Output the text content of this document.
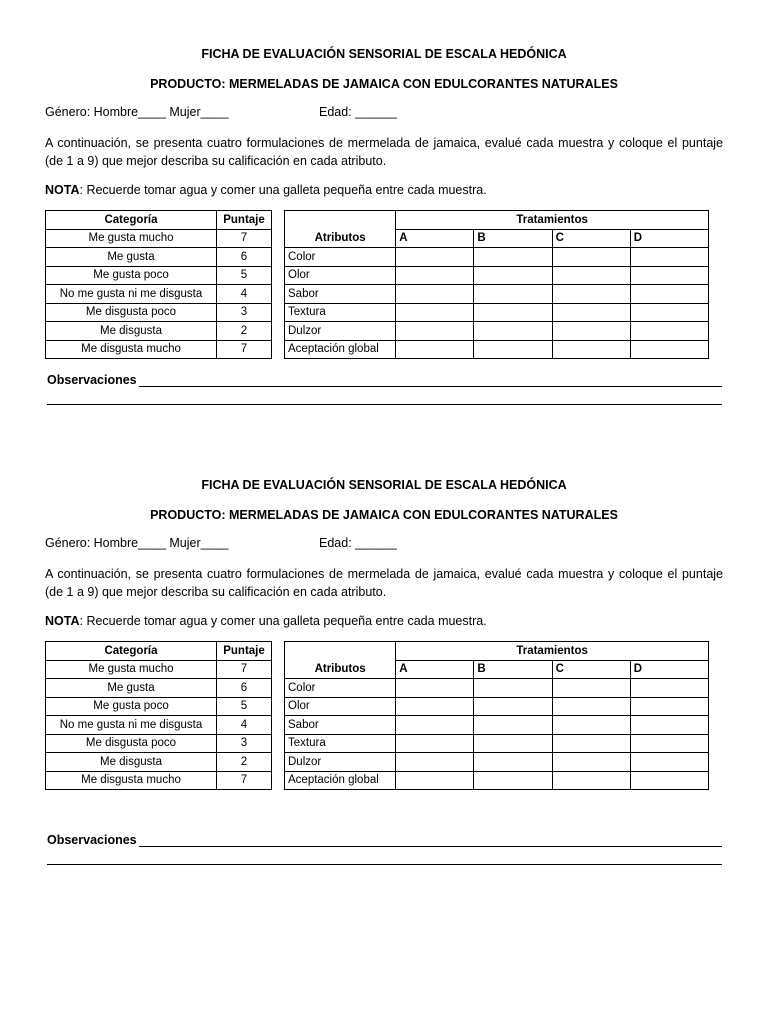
FICHA DE EVALUACIÓN SENSORIAL DE ESCALA HEDÓNICA
PRODUCTO: MERMELADAS DE JAMAICA CON EDULCORANTES NATURALES
Género: Hombre____ Mujer____	Edad: ______
A continuación, se presenta cuatro formulaciones de mermelada de jamaica, evalué cada muestra y coloque el puntaje (de 1 a 9) que mejor describa su calificación en cada atributo.
NOTA: Recuerde tomar agua y comer una galleta pequeña entre cada muestra.
Categoría	Puntaje
Me gusta mucho	7
Me gusta	6
Me gusta poco	5
No me gusta ni me disgusta	4
Me disgusta poco	3
Me disgusta	2
Me disgusta mucho	7
	Tratamientos			
Atributos	A	B	C	D
Color				
Olor				
Sabor				
Textura				
Dulzor				
Aceptación global				
Observaciones
FICHA DE EVALUACIÓN SENSORIAL DE ESCALA HEDÓNICA
PRODUCTO: MERMELADAS DE JAMAICA CON EDULCORANTES NATURALES
Género: Hombre____ Mujer____	Edad: ______
A continuación, se presenta cuatro formulaciones de mermelada de jamaica, evalué cada muestra y coloque el puntaje (de 1 a 9) que mejor describa su calificación en cada atributo.
NOTA: Recuerde tomar agua y comer una galleta pequeña entre cada muestra.
Categoría	Puntaje
Me gusta mucho	7
Me gusta	6
Me gusta poco	5
No me gusta ni me disgusta	4
Me disgusta poco	3
Me disgusta	2
Me disgusta mucho	7
	Tratamientos			
Atributos	A	B	C	D
Color				
Olor				
Sabor				
Textura				
Dulzor				
Aceptación global				
Observaciones
